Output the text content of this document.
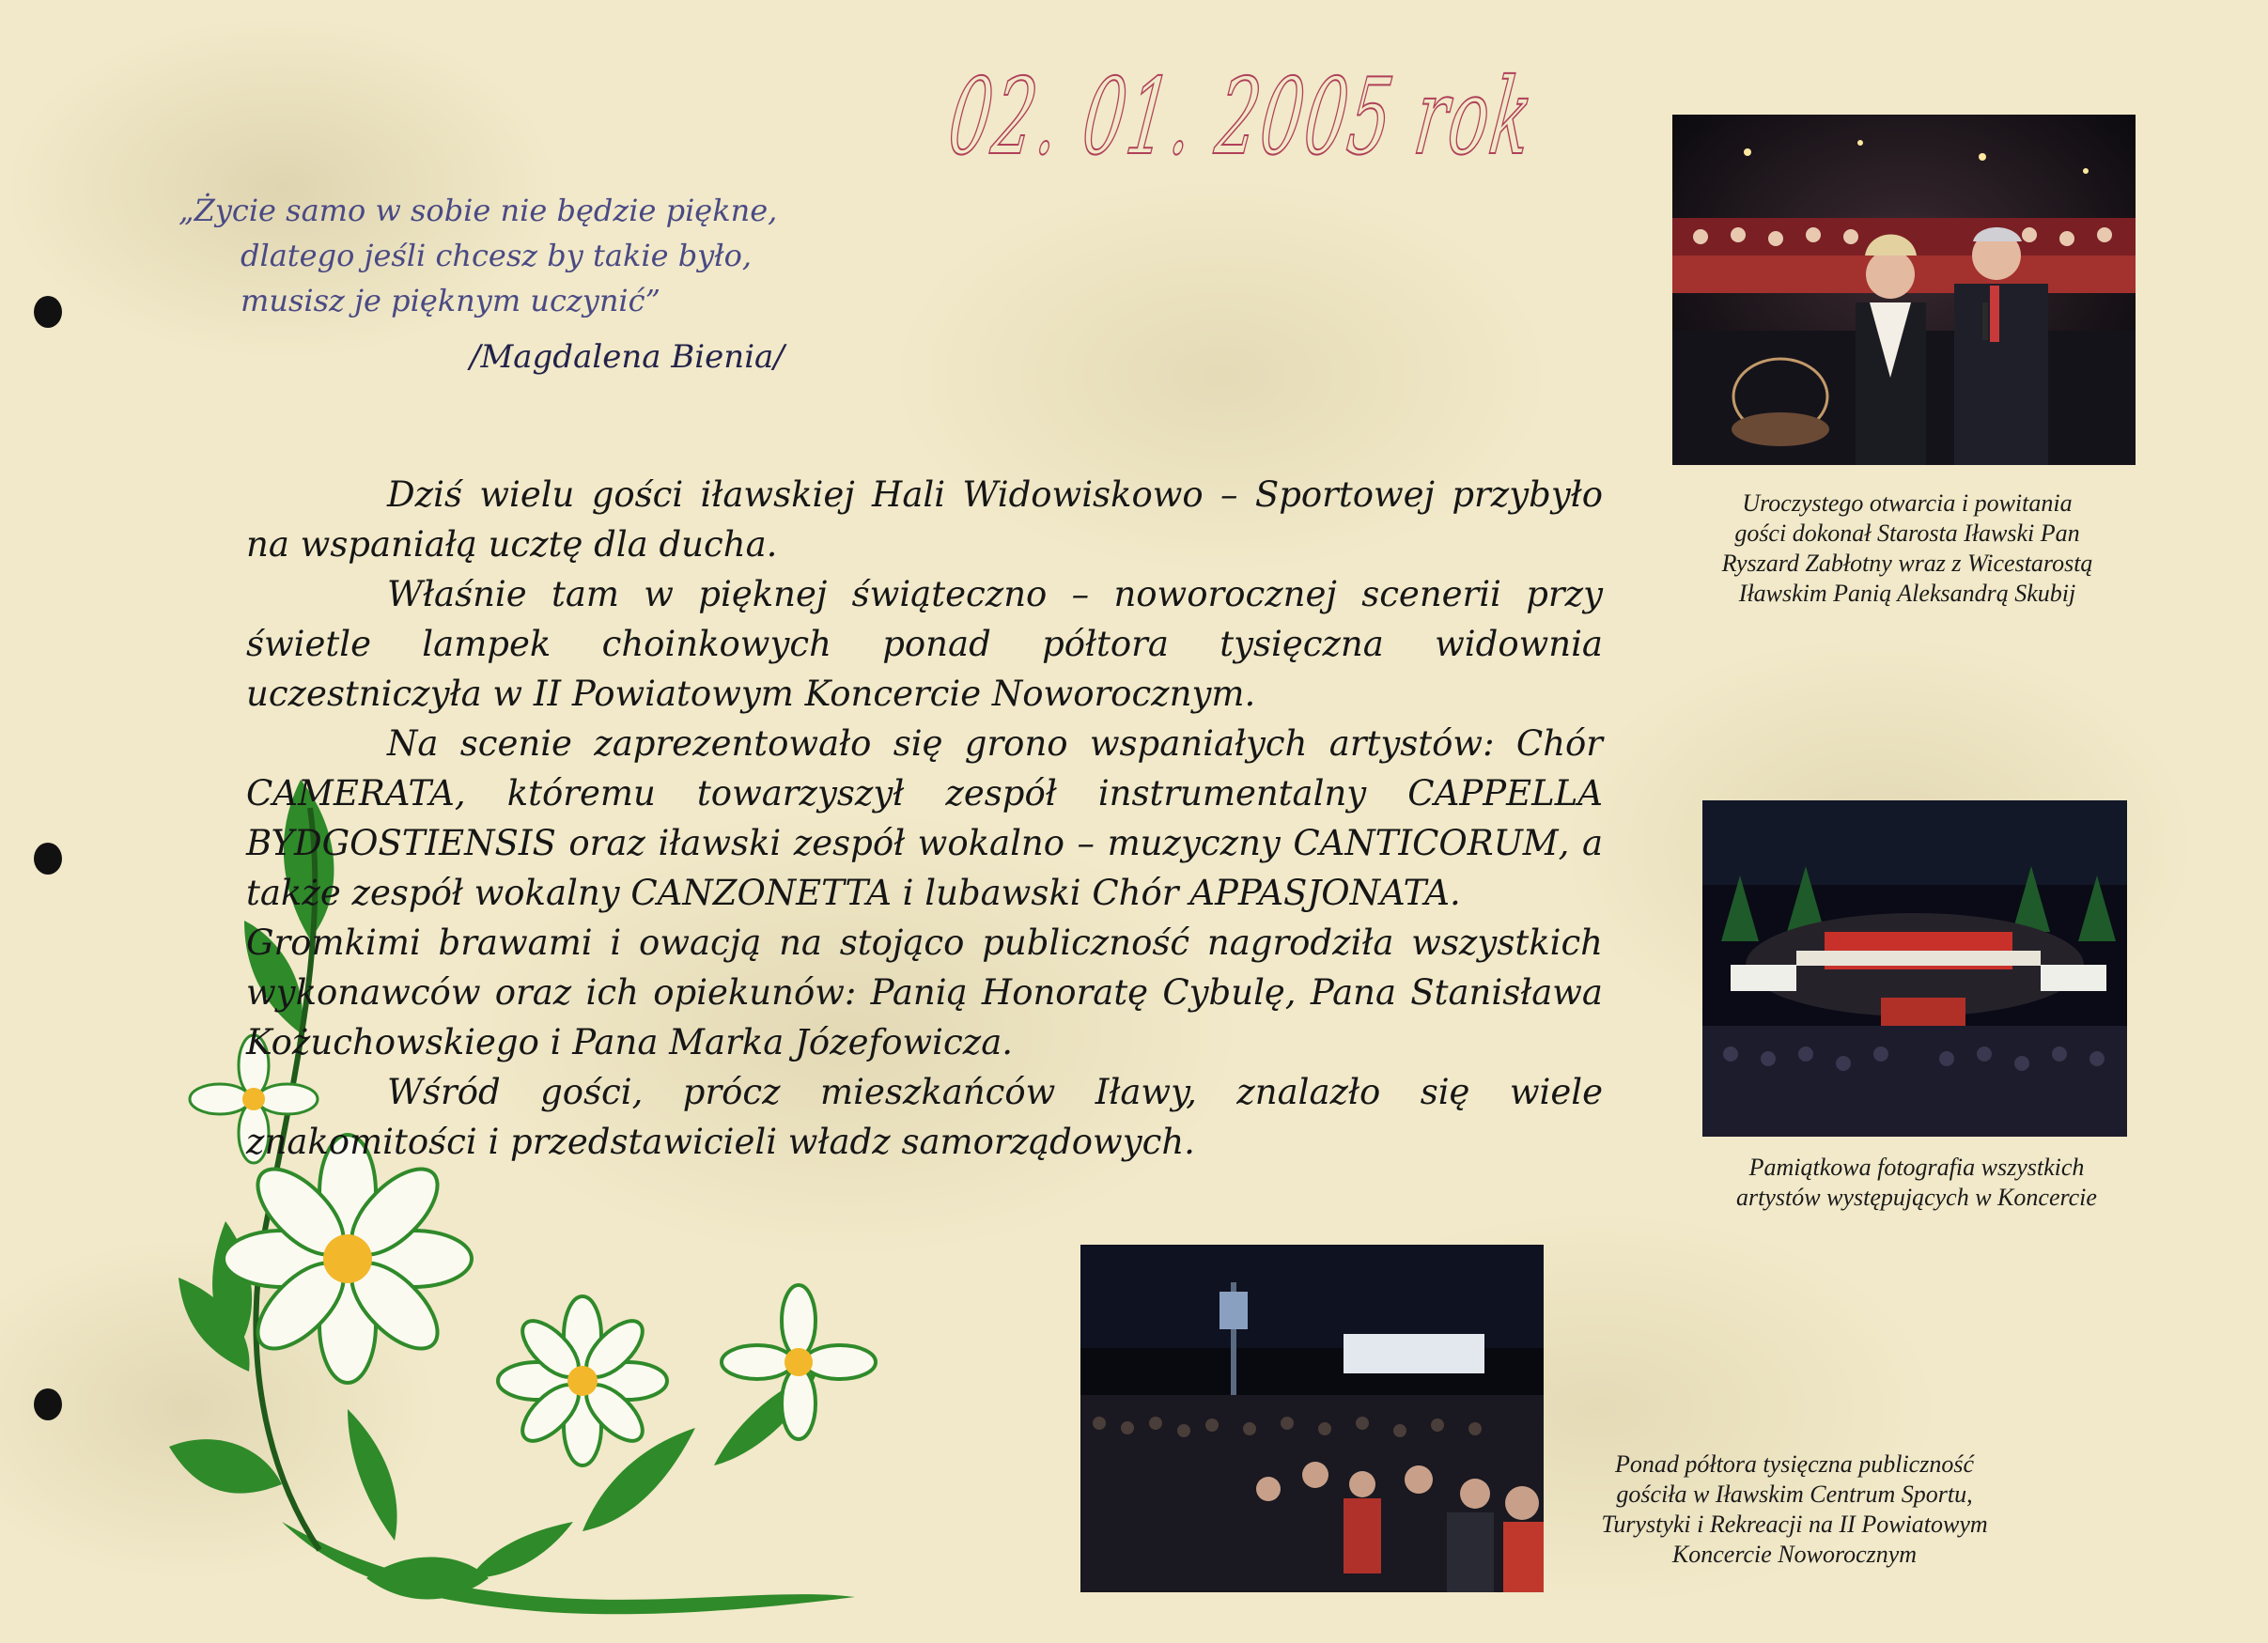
02. 01. 2005 rok
„Życie samo w sobie nie będzie piękne,
dlatego jeśli chcesz by takie było,
musisz je pięknym uczynić”
/Magdalena Bienia/

Dziś wielu gości iławskiej Hali Widowiskowo – Sportowej przybyło na wspaniałą ucztę dla ducha.

Właśnie tam w pięknej świąteczno – noworocznej scenerii przy świetle lampek choinkowych ponad półtora tysięczna widownia uczestniczyła w II Powiatowym Koncercie Noworocznym.

Na scenie zaprezentowało się grono wspaniałych artystów: Chór CAMERATA, któremu towarzyszył zespół instrumentalny CAPPELLA BYDGOSTIENSIS oraz iławski zespół wokalno – muzyczny CANTICORUM, a także zespół wokalny CANZONETTA i lubawski Chór APPASJONATA.

Gromkimi brawami i owacją na stojąco publiczność nagrodziła wszystkich wykonawców oraz ich opiekunów: Panią Honoratę Cybulę, Pana Stanisława Kożuchowskiego i Pana Marka Józefowicza.

Wśród gości, prócz mieszkańców Iławy, znalazło się wiele znakomitości i przedstawicieli władz samorządowych.

Uroczystego otwarcia i powitania
gości dokonał Starosta Iławski Pan
Ryszard Zabłotny wraz z Wicestarostą
Iławskim Panią Aleksandrą Skubij
Pamiątkowa fotografia wszystkich
artystów występujących w Koncercie
Ponad półtora tysięczna publiczność
gościła w Iławskim Centrum Sportu,
Turystyki i Rekreacji na II Powiatowym
Koncercie Noworocznym
